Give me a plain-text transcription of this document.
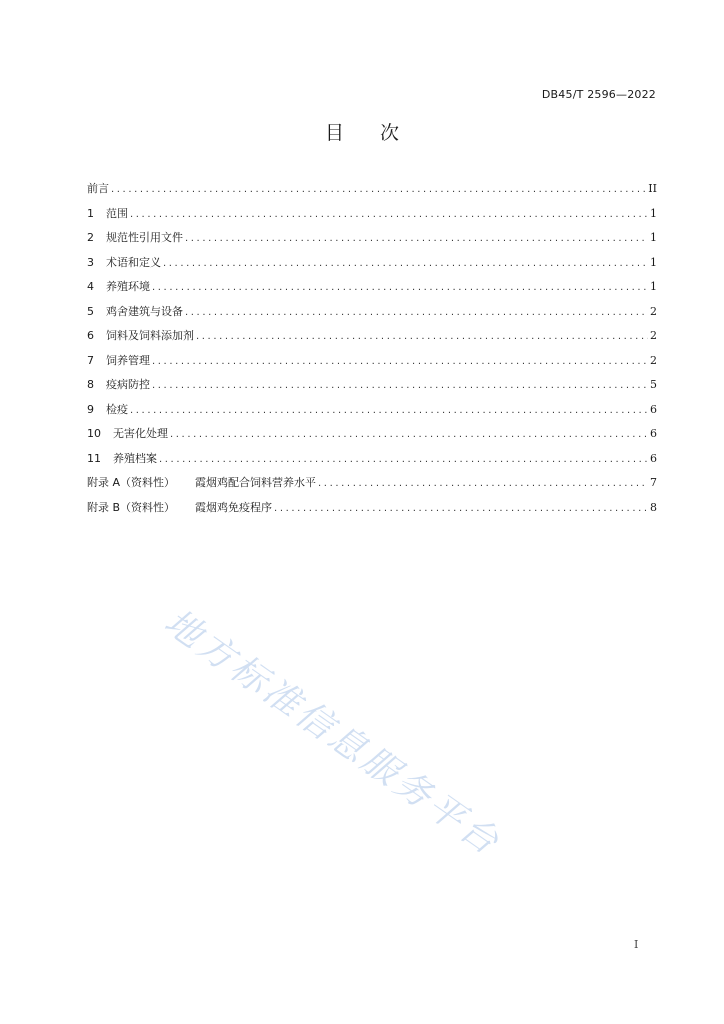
DB45/T 2596—2022
目次
前言 .....	II
1	范围 .....	1
2	规范性引用文件 .....	1
3	术语和定义 .....	1
4	养殖环境 .....	1
5	鸡舍建筑与设备 .....	2
6	饲料及饲料添加剂 .....	2
7	饲养管理 .....	2
8	疫病防控 .....	5
9	检疫 .....	6
10	无害化处理 .....	6
11	养殖档案 .....	6
附录 A（资料性） 霞烟鸡配合饲料营养水平 .....	7
附录 B（资料性） 霞烟鸡免疫程序 .....	8
地方标准信息服务平台
I
